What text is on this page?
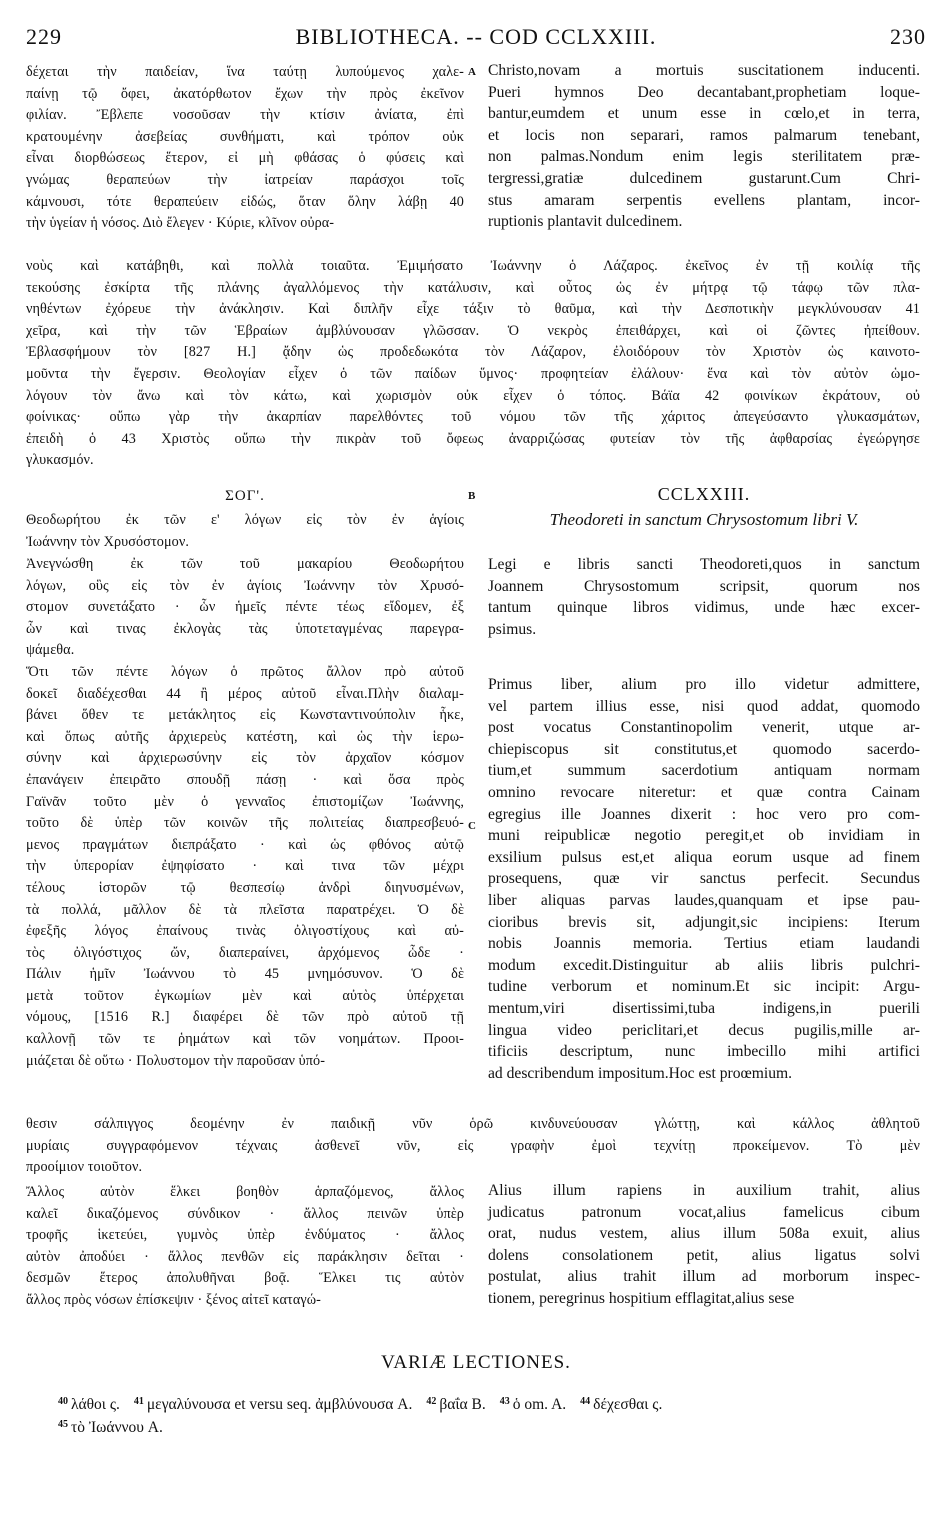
229	BIBLIOTHECA. -- COD CCLXXIII.	230
δέχεται τὴν παιδείαν, ἵνα ταύτῃ λυπούμενος χαλε-
παίνῃ τῷ ὄφει, ἀκατόρθωτον ἔχων τὴν πρὸς ἐκεῖνον
φιλίαν. Ἔβλεπε νοσοῦσαν τὴν κτίσιν ἀνίατα, ἐπὶ
κρατουμένην ἀσεβείας συνθήματι, καὶ τρόπον οὐκ
εἶναι διορθώσεως ἕτερον, εἰ μὴ φθάσας ὁ φύσεις καὶ
γνώμας θεραπεύων τὴν ἰατρείαν παράσχοι τοῖς
κάμνουσι, τότε θεραπεύειν εἰδώς, ὅταν ὅλην λάβῃ 40
τὴν ὑγείαν ἡ νόσος. Διὸ ἔλεγεν · Κύριε, κλῖνον οὐρα-
A Christo,novam a mortuis suscitationem inducenti.
Pueri hymnos Deo decantabant,prophetiam loque-
bantur,eumdem et unum esse in cœlo,et in terra,
et locis non separari, ramos palmarum tenebant,
non palmas.Nondum enim legis sterilitatem præ-
tergressi,gratiæ dulcedinem gustarunt.Cum Chri-
stus amaram serpentis evellens plantam, incor-
ruptionis plantavit dulcedinem.
νοὺς καὶ κατάβηθι, καὶ πολλὰ τοιαῦτα. Ἐμιμήσατο Ἰωάννην ὁ Λάζαρος. ἐκεῖνος ἐν τῇ κοιλίᾳ τῆς
τεκούσης ἐσκίρτα τῆς πλάνης ἀγαλλόμενος τὴν κατάλυσιν, καὶ οὗτος ὡς ἐν μήτρᾳ τῷ τάφῳ τῶν πλα-
νηθέντων ἐχόρευε τὴν ἀνάκλησιν. Καὶ διπλῆν εἶχε τάξιν τὸ θαῦμα, καὶ τὴν Δεσποτικὴν μεγκλύνουσαν 41
χεῖρα, καὶ τὴν τῶν Ἑβραίων ἀμβλύνουσαν γλῶσσαν. Ὁ νεκρὸς ἐπειθάρχει, καὶ οἱ ζῶντες ἠπείθουν.
Ἐβλασφήμουν τὸν [827 H.] ᾄδην ὡς προδεδωκότα τὸν Λάζαρον, ἐλοιδόρουν τὸν Χριστὸν ὡς καινοτο-
μοῦντα τὴν ἔγερσιν. Θεολογίαν εἶχεν ὁ τῶν παίδων ὕμνος· προφητείαν ἐλάλουν· ἕνα καὶ τὸν αὐτὸν ὡμο-
λόγουν τὸν ἄνω καὶ τὸν κάτω, καὶ χωρισμὸν οὐκ εἶχεν ὁ τόπος. Βάϊα 42 φοινίκων ἐκράτουν, οὐ
φοίνικας· οὔπω γὰρ τὴν ἀκαρπίαν παρελθόντες τοῦ νόμου τῶν τῆς χάριτος ἀπεγεύσαντο γλυκασμάτων,
ἐπειδὴ ὁ 43 Χριστὸς οὔπω τὴν πικρὰν τοῦ ὄφεως ἀναρριζώσας φυτείαν τὸν τῆς ἀφθαρσίας ἐγεώργησε
γλυκασμόν.
ΣΟΓ'.	B	CCLXXIII.
Θεοδωρήτου ἐκ τῶν ε' λόγων εἰς τὸν ἐν ἁγίοις
Ἰωάννην τὸν Χρυσόστομον.
Theodoreti in sanctum Chrysostomum libri V.
Ἀνεγνώσθη ἐκ τῶν τοῦ μακαρίου Θεοδωρήτου
λόγων, οὓς εἰς τὸν ἐν ἁγίοις Ἰωάννην τὸν Χρυσό-
στομον συνετάξατο · ὧν ἡμεῖς πέντε τέως εἴδομεν, ἐξ
ὧν καὶ τινας ἐκλογὰς τὰς ὑποτεταγμένας παρεγρα-
ψάμεθα.
Ὅτι τῶν πέντε λόγων ὁ πρῶτος ἄλλον πρὸ αὐτοῦ
δοκεῖ διαδέχεσθαι 44 ἢ μέρος αὐτοῦ εἶναι.Πλὴν διαλαμ-
βάνει ὅθεν τε μετάκλητος εἰς Κωνσταντινούπολιν ἧκε,
καὶ ὅπως αὐτῆς ἀρχιερεὺς κατέστη, καὶ ὡς τὴν ἱερω-
σύνην καὶ ἀρχιερωσύνην εἰς τὸν ἀρχαῖον κόσμον
ἐπανάγειν ἐπειρᾶτο σπουδῇ πάσῃ · καὶ ὅσα πρὸς
Γαϊνᾶν τοῦτο μὲν ὁ γενναῖος ἐπιστομίζων Ἰωάννης,
τοῦτο δὲ ὑπὲρ τῶν κοινῶν τῆς πολιτείας διαπρεσβευό-
μενος πραγμάτων διεπράξατο · καὶ ὡς φθόνος αὐτῷ
τὴν ὑπερορίαν ἐψηφίσατο · καὶ τινα τῶν μέχρι
τέλους ἱστορῶν τῷ θεσπεσίῳ ἀνδρὶ διηνυσμένων,
τὰ πολλά, μᾶλλον δὲ τὰ πλεῖστα παρατρέχει. Ὁ δὲ
ἐφεξῆς λόγος ἐπαίνους τινὰς ὀλιγοστίχους καὶ αὐ-
τὸς ὀλιγόστιχος ὤν, διαπεραίνει, ἀρχόμενος ὧδε ·
Πάλιν ἡμῖν Ἰωάννου τὸ 45 μνημόσυνον. Ὁ δὲ
μετὰ τοῦτον ἐγκωμίων μὲν καὶ αὐτὸς ὑπέρχεται
νόμους, [1516 R.] διαφέρει δὲ τῶν πρὸ αὐτοῦ τῇ
καλλονῇ τῶν τε ῥημάτων καὶ τῶν νοημάτων. Προοι-
μιάζεται δὲ οὕτω · Πολυστομον τὴν παροῦσαν ὑπό-
C
Legi e libris sancti Theodoreti,quos in sanctum
Joannem Chrysostomum scripsit, quorum nos
tantum quinque libros vidimus, unde hæc excer-
psimus.
Primus liber, alium pro illo videtur admittere,
vel partem illius esse, nisi quod addat, quomodo
post vocatus Constantinopolim venerit, utque ar-
chiepiscopus sit constitutus,et quomodo sacerdo-
tium,et summum sacerdotium antiquam normam
omnino revocare niteretur: et quæ contra Cainam
egregius ille Joannes dixerit : hoc vero pro com-
muni reipublicæ negotio peregit,et ob invidiam in
exsilium pulsus est,et aliqua eorum usque ad finem
prosequens, quæ vir sanctus perfecit. Secundus
liber aliquas parvas laudes,quanquam et ipse pau-
cioribus brevis sit, adjungit,sic incipiens: Iterum
nobis Joannis memoria. Tertius etiam laudandi
modum excedit.Distinguitur ab aliis libris pulchri-
tudine verborum et nominum.Et sic incipit: Argu-
mentum,viri disertissimi,tuba indigens,in puerili
lingua video periclitari,et decus pugilis,mille ar-
tificiis descriptum, nunc imbecillo mihi artifici
ad describendum impositum.Hoc est proœmium.
θεσιν σάλπιγγος δεομένην ἐν παιδικῇ νῦν ὁρῶ κινδυνεύουσαν γλώττῃ, καὶ κάλλος ἀθλητοῦ
μυρίαις συγγραφόμενον τέχναις ἀσθενεῖ νῦν, εἰς γραφὴν ἐμοὶ τεχνίτῃ προκείμενον. Τὸ μὲν
προοίμιον τοιοῦτον.
Ἄλλος αὐτὸν ἕλκει βοηθὸν ἁρπαζόμενος, ἄλλος
καλεῖ δικαζόμενος σύνδικον · ἄλλος πεινῶν ὑπὲρ
τροφῆς ἱκετεύει, γυμνὸς ὑπὲρ ἐνδύματος · ἄλλος
αὐτὸν ἀποδύει · ἄλλος πενθῶν εἰς παράκλησιν δεῖται ·
δεσμῶν ἕτερος ἀπολυθῆναι βοᾷ. Ἕλκει τις αὐτὸν
ἄλλος πρὸς νόσων ἐπίσκεψιν · ξένος αἰτεῖ καταγώ-
Alius illum rapiens in auxilium trahit, alius
judicatus patronum vocat,alius famelicus cibum
orat, nudus vestem, alius illum 508a exuit, alius
dolens consolationem petit, alius ligatus solvi
postulat, alius trahit illum ad morborum inspec-
tionem, peregrinus hospitium efflagitat,alius sese
VARIÆ LECTIONES.
$^{40}$ λάθοι ς. $^{41}$ μεγαλύνουσα et versu seq. ἀμβλύνουσα A. $^{42}$ βαΐα B. $^{43}$ ὁ om. A. $^{44}$ δέχεσθαι ς.
$^{45}$ τὸ Ἰωάννου A.
